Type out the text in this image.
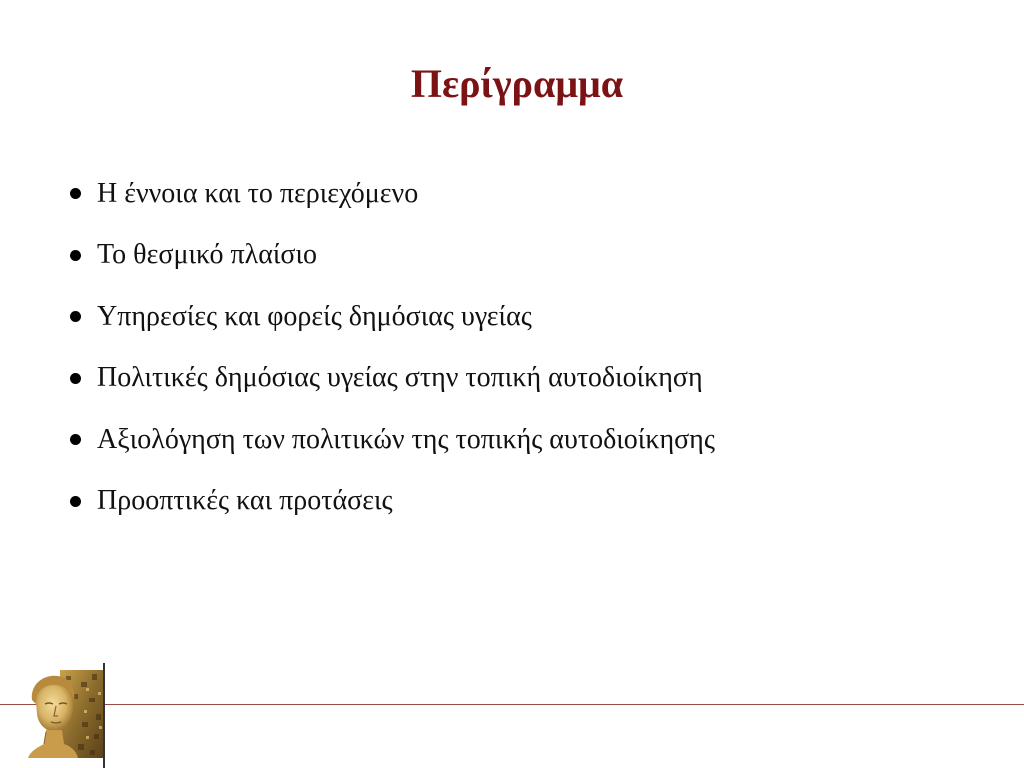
Περίγραμμα
Η έννοια και το περιεχόμενο
Το θεσμικό πλαίσιο
Υπηρεσίες και φορείς δημόσιας υγείας
Πολιτικές δημόσιας υγείας στην τοπική αυτοδιοίκηση
Αξιολόγηση των πολιτικών της τοπικής αυτοδιοίκησης
Προοπτικές και προτάσεις
